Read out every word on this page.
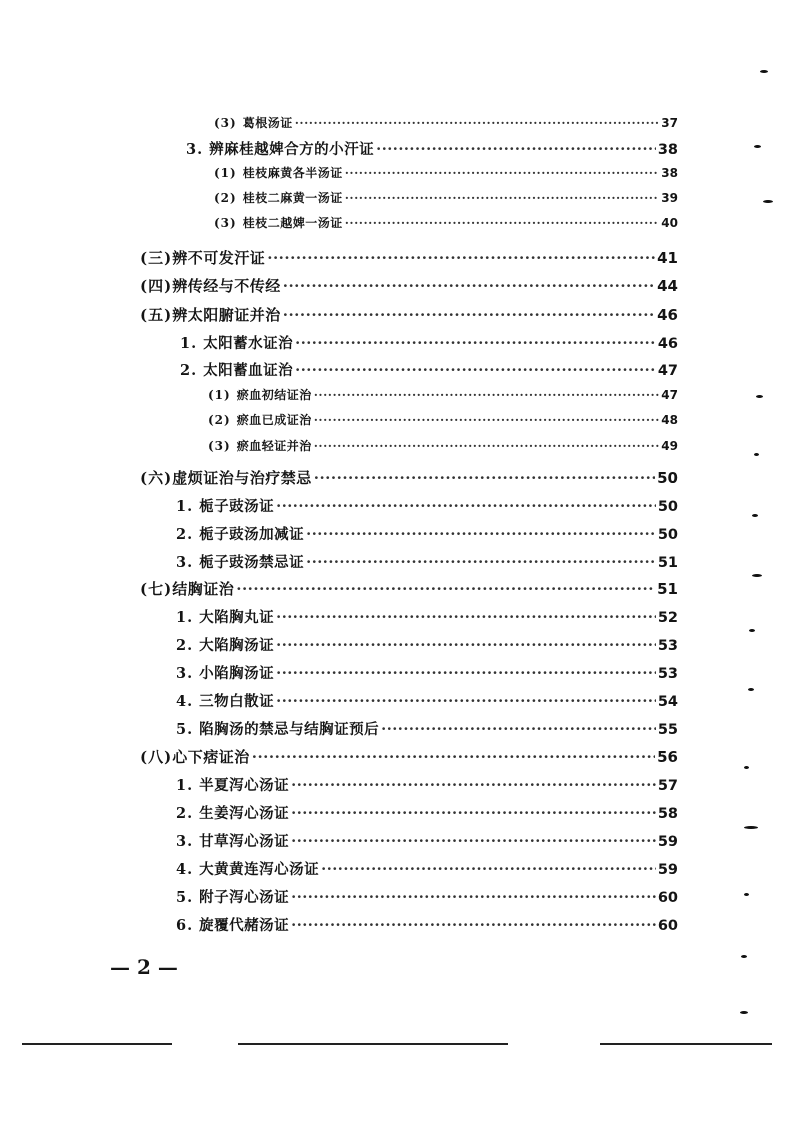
(3) 葛根汤证 ·····	37
3. 辨麻桂越婢合方的小汗证 ·····	38
(1) 桂枝麻黄各半汤证 ·····	38
(2) 桂枝二麻黄一汤证 ·····	39
(3) 桂枝二越婢一汤证 ·····	40
(三) 辨不可发汗证 ·····	41
(四) 辨传经与不传经 ·····	44
(五) 辨太阳腑证并治 ·····	46
1. 太阳蓄水证治 ·····	46
2. 太阳蓄血证治 ·····	47
(1) 瘀血初结证治 ·····	47
(2) 瘀血已成证治 ·····	48
(3) 瘀血轻证并治 ·····	49
(六) 虚烦证治与治疗禁忌 ·····	50
1. 栀子豉汤证 ·····	50
2. 栀子豉汤加减证 ·····	50
3. 栀子豉汤禁忌证 ·····	51
(七) 结胸证治 ·····	51
1. 大陷胸丸证 ·····	52
2. 大陷胸汤证 ·····	53
3. 小陷胸汤证 ·····	53
4. 三物白散证 ·····	54
5. 陷胸汤的禁忌与结胸证预后 ·····	55
(八) 心下痞证治 ·····	56
1. 半夏泻心汤证 ·····	57
2. 生姜泻心汤证 ·····	58
3. 甘草泻心汤证 ·····	59
4. 大黄黄连泻心汤证 ·····	59
5. 附子泻心汤证 ·····	60
6. 旋覆代赭汤证 ·····	60
— 2 —
